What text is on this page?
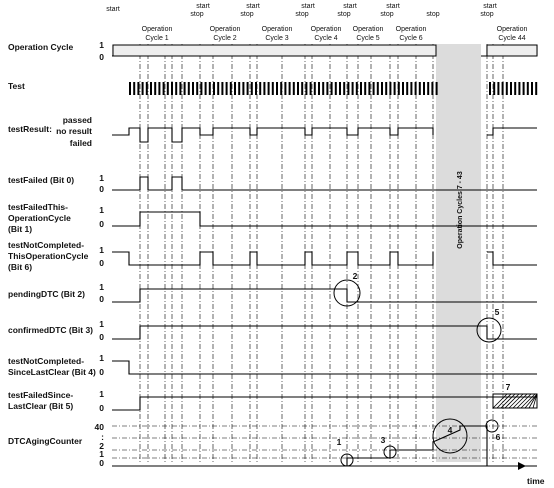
start	start
stop
start
stop
start
stop
start
stop
start
stop	stop
start
stop
Operation
Cycle 1
Operation
Cycle 2
Operation
Cycle 3
Operation
Cycle 4
Operation
Cycle 5
Operation
Cycle 6
Operation
Cycle 44
Operation Cycle	1
0
Test
testResult:
passed
no result
failed
testFailed (Bit 0)	1
0
testFailedThis-
OperationCycle
(Bit 1)
1
0
testNotCompleted-
ThisOperationCycle
(Bit 6)
1
0
pendingDTC (Bit 2)
1
0
confirmedDTC (Bit 3)
1
0
testNotCompleted-
SinceLastClear (Bit 4)
1
0
testFailedSince-
LastClear (Bit 5)
1
0
DTCAgingCounter
40
:
2
1
0
1
2
3
4
5
6
7
Operation Cycles 7 - 43
time
